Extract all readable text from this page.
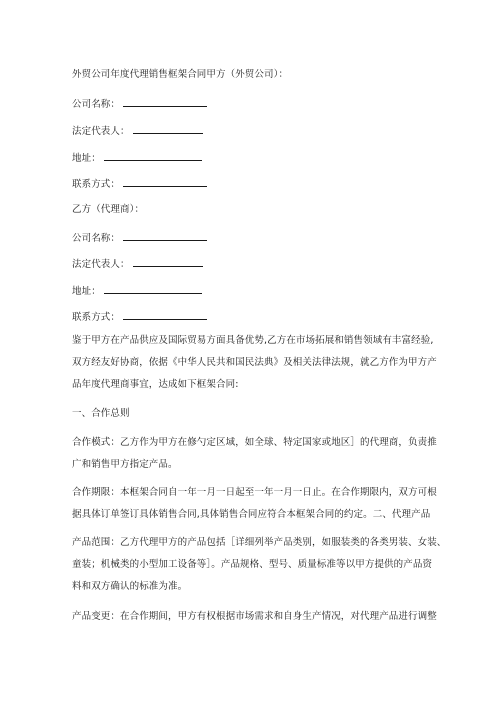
外贸公司年度代理销售框架合同甲方（外贸公司）：
公司名称：
法定代表人：
地址：
联系方式：
乙方（代理商）：
公司名称：
法定代表人：
地址：
联系方式：
鉴于甲方在产品供应及国际贸易方面具备优势,乙方在市场拓展和销售领域有丰富经验,
双方经友好协商，依据《中华人民共和国民法典》及相关法律法规，就乙方作为甲方产
品年度代理商事宜，达成如下框架合同:
一、合作总则
合作模式：乙方作为甲方在修勺定区域，如全球、特定国家或地区］的代理商，负责推
广和销售甲方指定产品。
合作期限：本框架合同自一年一月一日起至一年一月一日止。在合作期限内，双方可根
据具体订单签订具体销售合同,具体销售合同应符合本框架合同的约定。二、代理产品
产品范围：乙方代理甲方的产品包括［详细列举产品类别，如服装类的各类男装、女装、
童装；机械类的小型加工设备等］。产品规格、型号、质量标准等以甲方提供的产品资
料和双方确认的标准为准。
产品变更：在合作期间，甲方有权根据市场需求和自身生产情况，对代理产品进行调整
